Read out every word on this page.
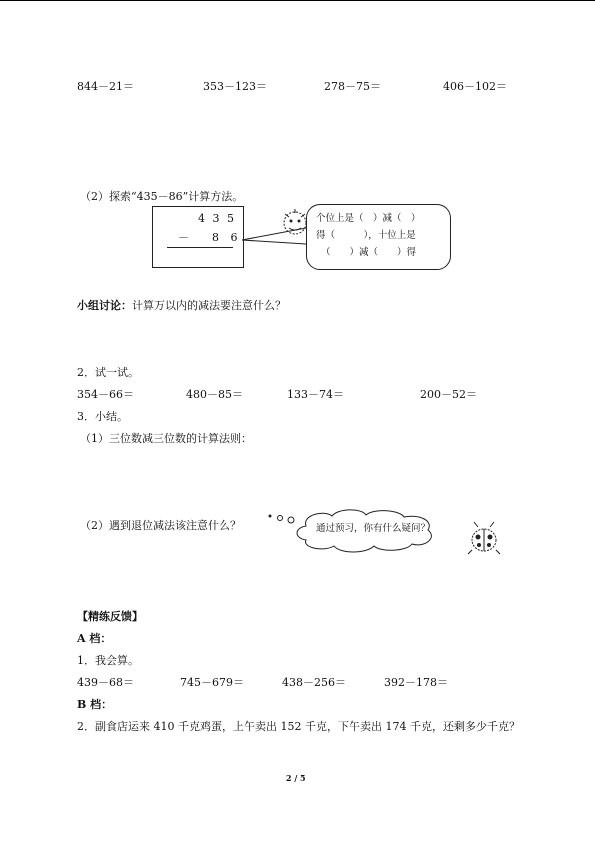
844－21＝	353－123＝	278－75＝	406－102＝
（2）探索“435－86”计算方法。
4 3 5
－ 8 6
个位上是（　）减（　）
得（　　　），十位上是
（　　）减（　　）得
小组讨论：计算万以内的减法要注意什么？
2．试一试。
354－66＝	480－85＝	133－74＝	200－52＝
3．小结。
（1）三位数减三位数的计算法则：
（2）遇到退位减法该注意什么？	通过预习，你有什么疑问？
【精练反馈】
A 档：
1．我会算。
439－68＝	745－679＝	438－256＝	392－178＝
B 档：
2．副食店运来 410 千克鸡蛋，上午卖出 152 千克，下午卖出 174 千克，还剩多少千克？
2 / 5
